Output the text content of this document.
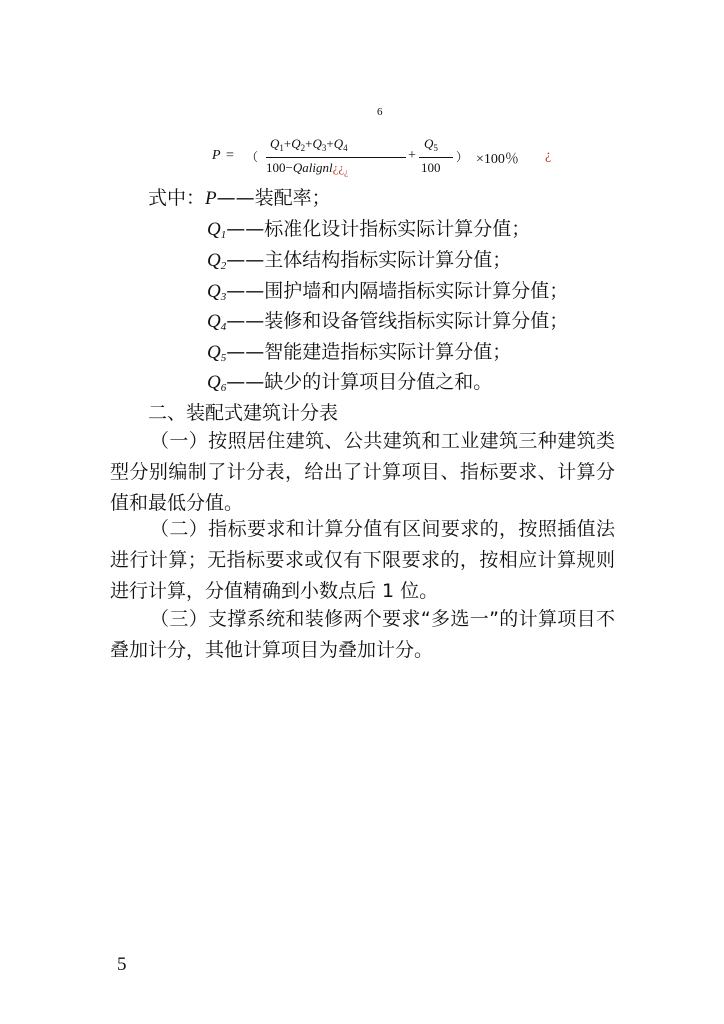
6
P = （
$Q_1+Q_2+Q_3+Q_4$
$100-Qalignl¿¿_¿$
+
$Q_5$
100
） ×100％ ¿
式中：P——装配率；
$Q_1——$标准化设计指标实际计算分值；
$Q_2——$主体结构指标实际计算分值；
$Q_3——$围护墙和内隔墙指标实际计算分值；
$Q_4——$装修和设备管线指标实际计算分值；
$Q_5——$智能建造指标实际计算分值；
$Q_6——$缺少的计算项目分值之和。
二、装配式建筑计分表
（一）按照居住建筑、公共建筑和工业建筑三种建筑类型分别编制了计分表，给出了计算项目、指标要求、计算分值和最低分值。
（二）指标要求和计算分值有区间要求的，按照插值法进行计算；无指标要求或仅有下限要求的，按相应计算规则进行计算，分值精确到小数点后 1 位。
（三）支撑系统和装修两个要求“多选一”的计算项目不叠加计分，其他计算项目为叠加计分。
5
